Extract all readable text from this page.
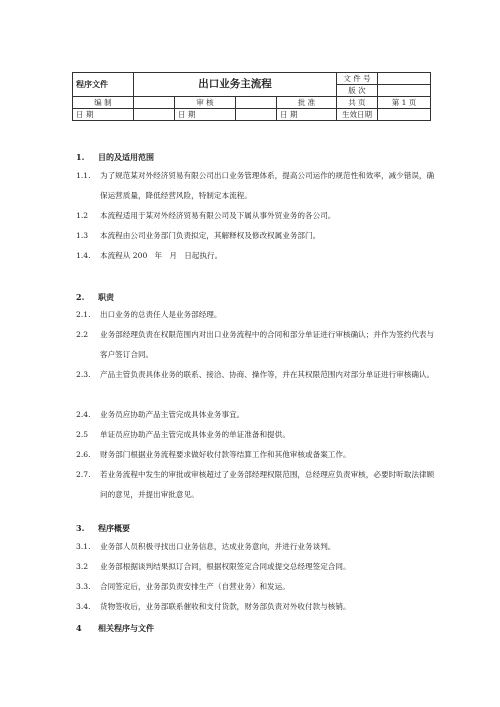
程序文件	出口业务主流程				文 件 号	
					版 次	
编 制		审 核		批 准	共 页	第 1 页
日 期		日 期		日 期	生效日期	
1. 目的及适用范围
1.1.	为了规范某对外经济贸易有限公司出口业务管理体系，提高公司运作的规范性和效率，减少错误，确保运营质量，降低经营风险，特制定本流程。
1.2	本流程适用于某对外经济贸易有限公司及下属从事外贸业务的各公司。
1.3	本流程由公司业务部门负责拟定，其解释权及修改权属业务部门。
1.4.	本流程从 200   年   月   日起执行。
2. 职责
2.1.	出口业务的总责任人是业务部经理。
2.2	业务部经理负责在权限范围内对出口业务流程中的合同和部分单证进行审核确认；并作为签约代表与客户签订合同。
2.3.	产品主管负责具体业务的联系、接洽、协商、操作等，并在其权限范围内对部分单证进行审核确认。
2.4.	业务员应协助产品主管完成具体业务事宜。
2.5	单证员应协助产品主管完成具体业务的单证准备和提供。
2.6.	财务部门根据业务流程要求做好收付款等结算工作和其他审核或备案工作。
2.7.	若业务流程中发生的审批或审核超过了业务部经理权限范围，总经理应负责审核，必要时听取法律顾问的意见，并提出审批意见。
3. 程序概要
3.1.	业务部人员积极寻找出口业务信息，达成业务意向，并进行业务谈判。
3.2	业务部根据谈判结果拟订合同，根据权限签定合同或提交总经理签定合同。
3.3.	合同签定后，业务部负责安排生产（自营业务）和发运。
3.4.	货物签收后，业务部联系催收和支付货款，财务部负责对外收付款与核销。
4 相关程序与文件
